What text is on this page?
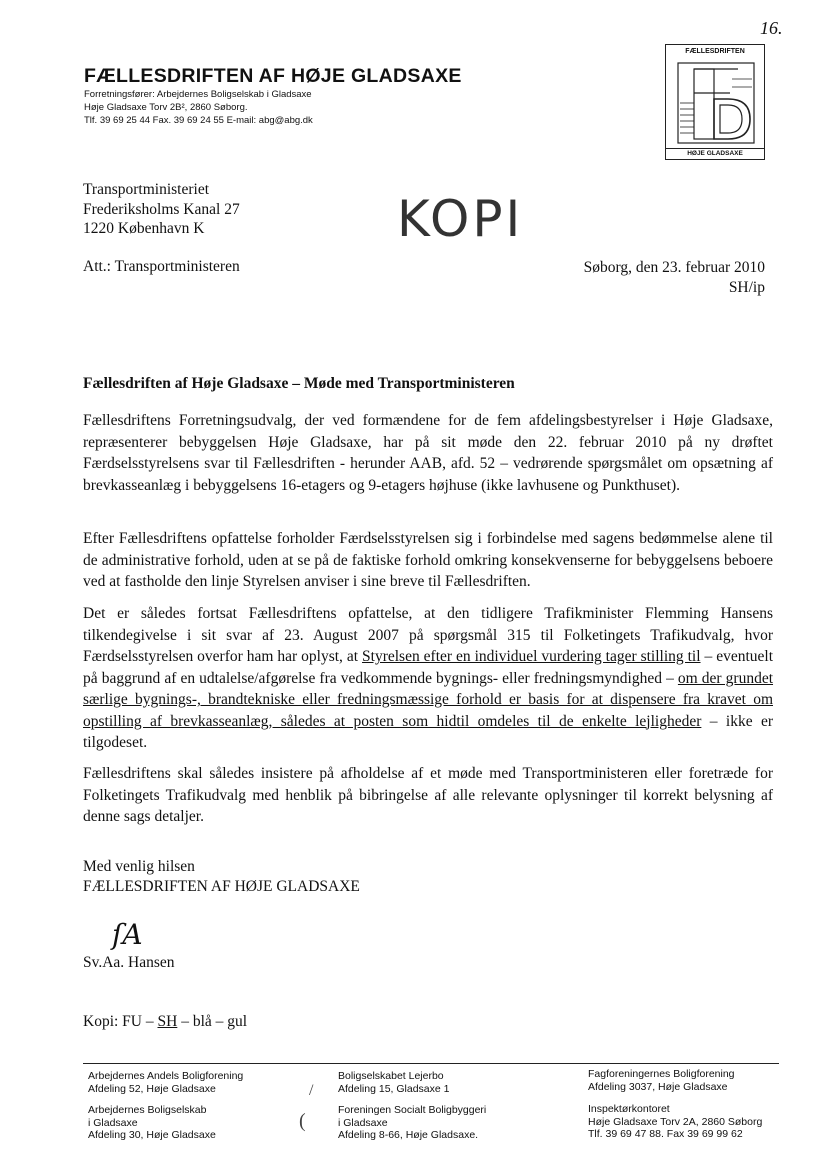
16.
FÆLLESDRIFTEN AF HØJE GLADSAXE
Forretningsfører: Arbejdernes Boligselskab i Gladsaxe
Høje Gladsaxe Torv 2B², 2860 Søborg.
Tlf. 39 69 25 44 Fax. 39 69 24 55 E-mail: abg@abg.dk
FÆLLESDRIFTEN
HØJE GLADSAXE
KOPI
Transportministeriet
Frederiksholms Kanal 27
1220 København K
Att.: Transportministeren	Søborg, den 23. februar 2010
SH/ip
Fællesdriften af Høje Gladsaxe – Møde med Transportministeren
Fællesdriftens Forretningsudvalg, der ved formændene for de fem afdelingsbestyrelser i Høje Gladsaxe, repræsenterer bebyggelsen Høje Gladsaxe, har på sit møde den 22. februar 2010 på ny drøftet Færdselsstyrelsens svar til Fællesdriften - herunder AAB, afd. 52 – vedrørende spørgsmålet om opsætning af brevkasseanlæg i bebyggelsens 16-etagers og 9-etagers højhuse (ikke lavhusene og Punkthuset).
Efter Fællesdriftens opfattelse forholder Færdselsstyrelsen sig i forbindelse med sagens bedømmelse alene til de administrative forhold, uden at se på de faktiske forhold omkring konsekvenserne for bebyggelsens beboere ved at fastholde den linje Styrelsen anviser i sine breve til Fællesdriften.
Det er således fortsat Fællesdriftens opfattelse, at den tidligere Trafikminister Flemming Hansens tilkendegivelse i sit svar af 23. August 2007 på spørgsmål 315 til Folketingets Trafikudvalg, hvor Færdselsstyrelsen overfor ham har oplyst, at Styrelsen efter en individuel vurdering tager stilling til – eventuelt på baggrund af en udtalelse/afgørelse fra vedkommende bygnings- eller fredningsmyndighed – om der grundet særlige bygnings-, brandtekniske eller fredningsmæssige forhold er basis for at dispensere fra kravet om opstilling af brevkasseanlæg, således at posten som hidtil omdeles til de enkelte lejligheder – ikke er tilgodeset.
Fællesdriftens skal således insistere på afholdelse af et møde med Transportministeren eller foretræde for Folketingets Trafikudvalg med henblik på bibringelse af alle relevante oplysninger til korrekt belysning af denne sags detaljer.
Med venlig hilsen
FÆLLESDRIFTEN AF HØJE GLADSAXE
ſA
Sv.Aa. Hansen
Kopi: FU – SH – blå – gul
Arbejdernes Andels Boligforening
Afdeling 52, Høje Gladsaxe
Arbejdernes Boligselskab
i Gladsaxe
Afdeling 30, Høje Gladsaxe
/
(
Boligselskabet Lejerbo
Afdeling 15, Gladsaxe 1
Foreningen Socialt Boligbyggeri
i Gladsaxe
Afdeling 8-66, Høje Gladsaxe.
Fagforeningernes Boligforening
Afdeling 3037, Høje Gladsaxe
Inspektørkontoret
Høje Gladsaxe Torv 2A, 2860 Søborg
Tlf. 39 69 47 88. Fax 39 69 99 62
